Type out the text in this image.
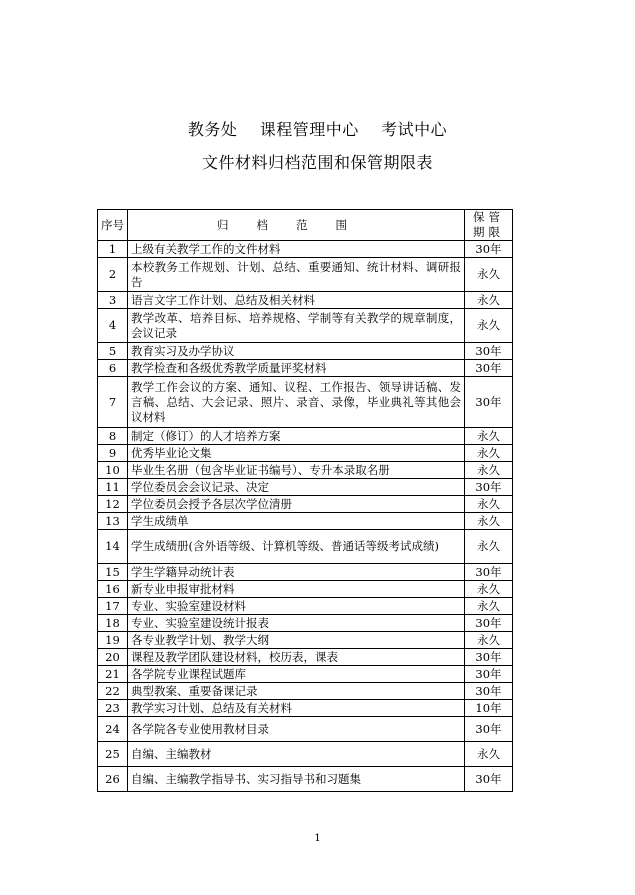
教务处    课程管理中心    考试中心
文件材料归档范围和保管期限表
序号	归档范围	保管期限
1	上级有关教学工作的文件材料	30年
2	本校教务工作规划、计划、总结、重要通知、统计材料、调研报告	永久
3	语言文字工作计划、总结及相关材料	永久
4	教学改革、培养目标、培养规格、学制等有关教学的规章制度，会议记录	永久
5	教育实习及办学协议	30年
6	教学检查和各级优秀教学质量评奖材料	30年
7	教学工作会议的方案、通知、议程、工作报告、领导讲话稿、发言稿、总结、大会记录、照片、录音、录像，毕业典礼等其他会议材料	30年
8	制定（修订）的人才培养方案	永久
9	优秀毕业论文集	永久
10	毕业生名册（包含毕业证书编号）、专升本录取名册	永久
11	学位委员会会议记录、决定	30年
12	学位委员会授予各层次学位清册	永久
13	学生成绩单	永久
14	学生成绩册(含外语等级、计算机等级、普通话等级考试成绩)	永久
15	学生学籍异动统计表	30年
16	新专业申报审批材料	永久
17	专业、实验室建设材料	永久
18	专业、实验室建设统计报表	30年
19	各专业教学计划、教学大纲	永久
20	课程及教学团队建设材料，校历表，课表	30年
21	各学院专业课程试题库	30年
22	典型教案、重要备课记录	30年
23	教学实习计划、总结及有关材料	10年
24	各学院各专业使用教材目录	30年
25	自编、主编教材	永久
26	自编、主编教学指导书、实习指导书和习题集	30年
1
